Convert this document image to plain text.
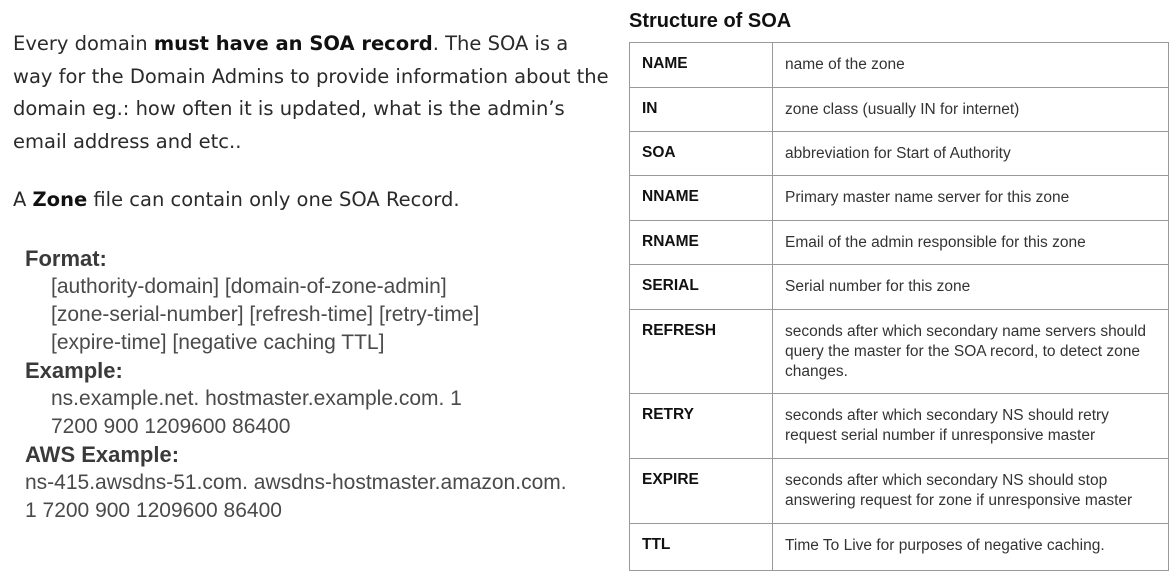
Every domain must have an SOA record. The SOA is a way for the Domain Admins to provide information about the domain eg.: how often it is updated, what is the admin’s email address and etc..

A Zone file can contain only one SOA Record.

Format:

[authority-domain] [domain-of-zone-admin]

[zone-serial-number] [refresh-time] [retry-time]

[expire-time] [negative caching TTL]

Example:

ns.example.net. hostmaster.example.com. 1

7200 900 1209600 86400

AWS Example:

ns-415.awsdns-51.com. awsdns-hostmaster.amazon.com.

1 7200 900 1209600 86400

Structure of SOA

NAME	name of the zone
IN	zone class (usually IN for internet)
SOA	abbreviation for Start of Authority
NNAME	Primary master name server for this zone
RNAME	Email of the admin responsible for this zone
SERIAL	Serial number for this zone
REFRESH	seconds after which secondary name servers should query the master for the SOA record, to detect zone changes.
RETRY	seconds after which secondary NS should retry request serial number if unresponsive master
EXPIRE	seconds after which secondary NS should stop answering request for zone if unresponsive master
TTL	Time To Live for purposes of negative caching.
